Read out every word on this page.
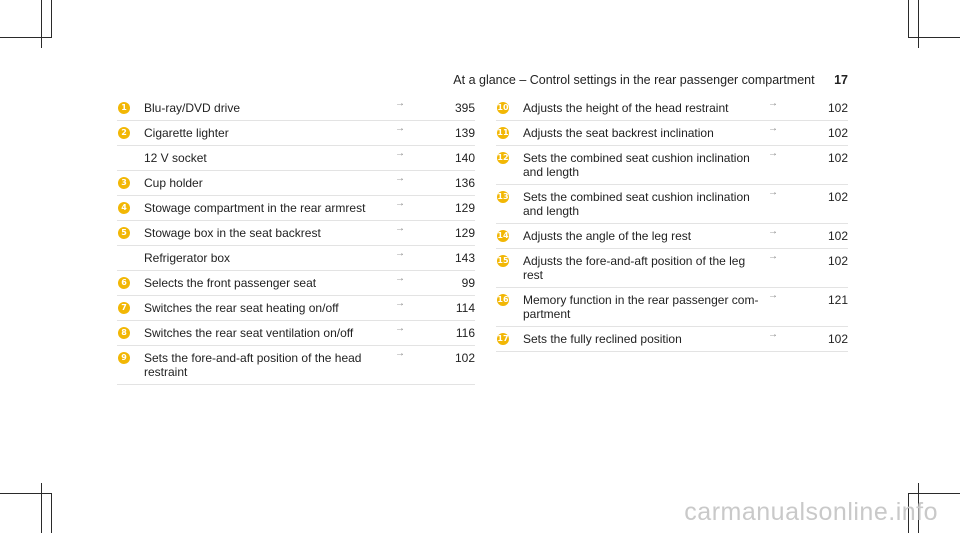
At a glance – Control settings in the rear passenger compartment 17
1 Blu-ray/DVD drive	→	395
2 Cigarette lighter	→	139
12 V socket	→	140
3 Cup holder	→	136
4 Stowage compartment in the rear armrest	→	129
5 Stowage box in the seat backrest	→	129
Refrigerator box	→	143
6 Selects the front passenger seat	→	99
7 Switches the rear seat heating on/off	→	114
8 Switches the rear seat ventilation on/off	→	116
9 Sets the fore-and-aft position of the head restraint
→	102
10 Adjusts the height of the head restraint	→	102
11 Adjusts the seat backrest inclination	→	102
12 Sets the combined seat cushion inclination and length
→	102
13 Sets the combined seat cushion inclination and length
→	102
14 Adjusts the angle of the leg rest	→	102
15 Adjusts the fore-and-aft position of the leg rest
→	102
16 Memory function in the rear passenger com- partment
→	121
17 Sets the fully reclined position	→	102
carmanualsonline.info
